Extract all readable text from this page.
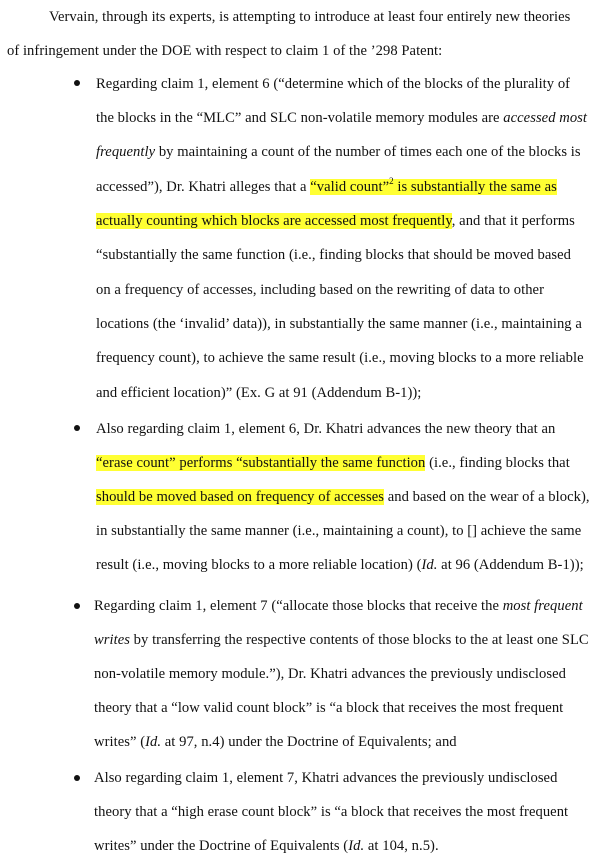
Vervain, through its experts, is attempting to introduce at least four entirely new theories
of infringement under the DOE with respect to claim 1 of the ’298 Patent:
Regarding claim 1, element 6 (“determine which of the blocks of the plurality of
the blocks in the “MLC” and SLC non-volatile memory modules are accessed most
frequently by maintaining a count of the number of times each one of the blocks is
accessed”), Dr. Khatri alleges that a “valid count”$^2$ is substantially the same as
actually counting which blocks are accessed most frequently, and that it performs
“substantially the same function (i.e., finding blocks that should be moved based
on a frequency of accesses, including based on the rewriting of data to other
locations (the ‘invalid’ data)), in substantially the same manner (i.e., maintaining a
frequency count), to achieve the same result (i.e., moving blocks to a more reliable
and efficient location)” (Ex. G at 91 (Addendum B-1));
Also regarding claim 1, element 6, Dr. Khatri advances the new theory that an
“erase count” performs “substantially the same function (i.e., finding blocks that
should be moved based on frequency of accesses and based on the wear of a block),
in substantially the same manner (i.e., maintaining a count), to [] achieve the same
result (i.e., moving blocks to a more reliable location) (Id. at 96 (Addendum B-1));
Regarding claim 1, element 7 (“allocate those blocks that receive the most frequent
writes by transferring the respective contents of those blocks to the at least one SLC
non-volatile memory module.”), Dr. Khatri advances the previously undisclosed
theory that a “low valid count block” is “a block that receives the most frequent
writes” (Id. at 97, n.4) under the Doctrine of Equivalents; and
Also regarding claim 1, element 7, Khatri advances the previously undisclosed
theory that a “high erase count block” is “a block that receives the most frequent
writes” under the Doctrine of Equivalents (Id. at 104, n.5).
